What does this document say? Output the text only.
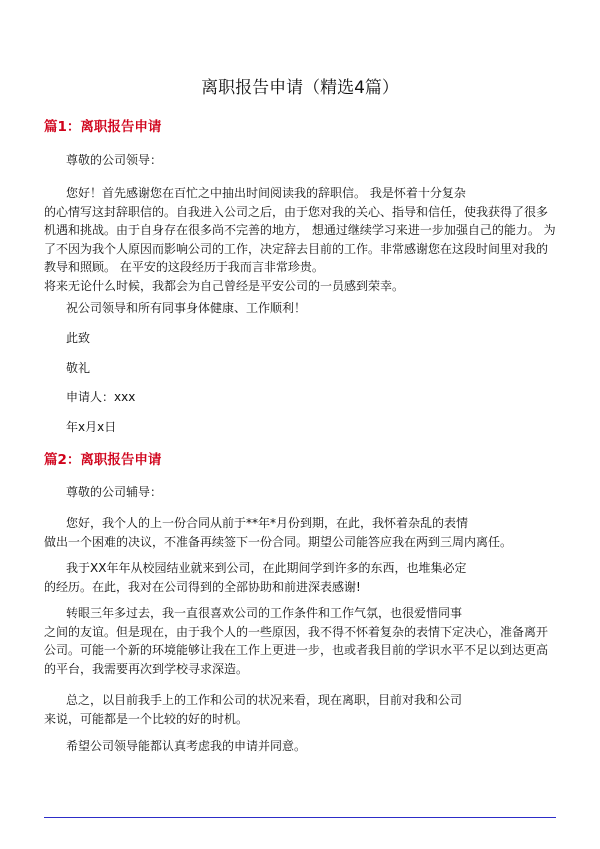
离职报告申请（精选4篇）
篇1：离职报告申请
尊敬的公司领导：
您好！首先感谢您在百忙之中抽出时间阅读我的辞职信。 我是怀着十分复杂
的心情写这封辞职信的。自我进入公司之后，由于您对我的关心、指导和信任，使我获得了很多
机遇和挑战。由于自身存在很多尚不完善的地方， 想通过继续学习来进一步加强自己的能力。 为
了不因为我个人原因而影响公司的工作，决定辞去目前的工作。非常感谢您在这段时间里对我的
教导和照顾。 在平安的这段经历于我而言非常珍贵。
将来无论什么时候，我都会为自己曾经是平安公司的一员感到荣幸。
祝公司领导和所有同事身体健康、工作顺利！
此致
敬礼
申请人：xxx
年x月x日
篇2：离职报告申请
尊敬的公司辅导：
您好，我个人的上一份合同从前于**年*月份到期，在此，我怀着杂乱的表情
做出一个困难的决议，不准备再续签下一份合同。期望公司能答应我在两到三周内离任。
我于XX年年从校园结业就来到公司，在此期间学到许多的东西，也堆集必定
的经历。在此，我对在公司得到的全部协助和前进深表感谢!
转眼三年多过去，我一直很喜欢公司的工作条件和工作气氛，也很爱惜同事
之间的友谊。但是现在，由于我个人的一些原因，我不得不怀着复杂的表情下定决心，准备离开
公司。可能一个新的环境能够让我在工作上更进一步，也或者我目前的学识水平不足以到达更高
的平台，我需要再次到学校寻求深造。
总之，以目前我手上的工作和公司的状况来看，现在离职，目前对我和公司
来说，可能都是一个比较的好的时机。
希望公司领导能都认真考虑我的申请并同意。
